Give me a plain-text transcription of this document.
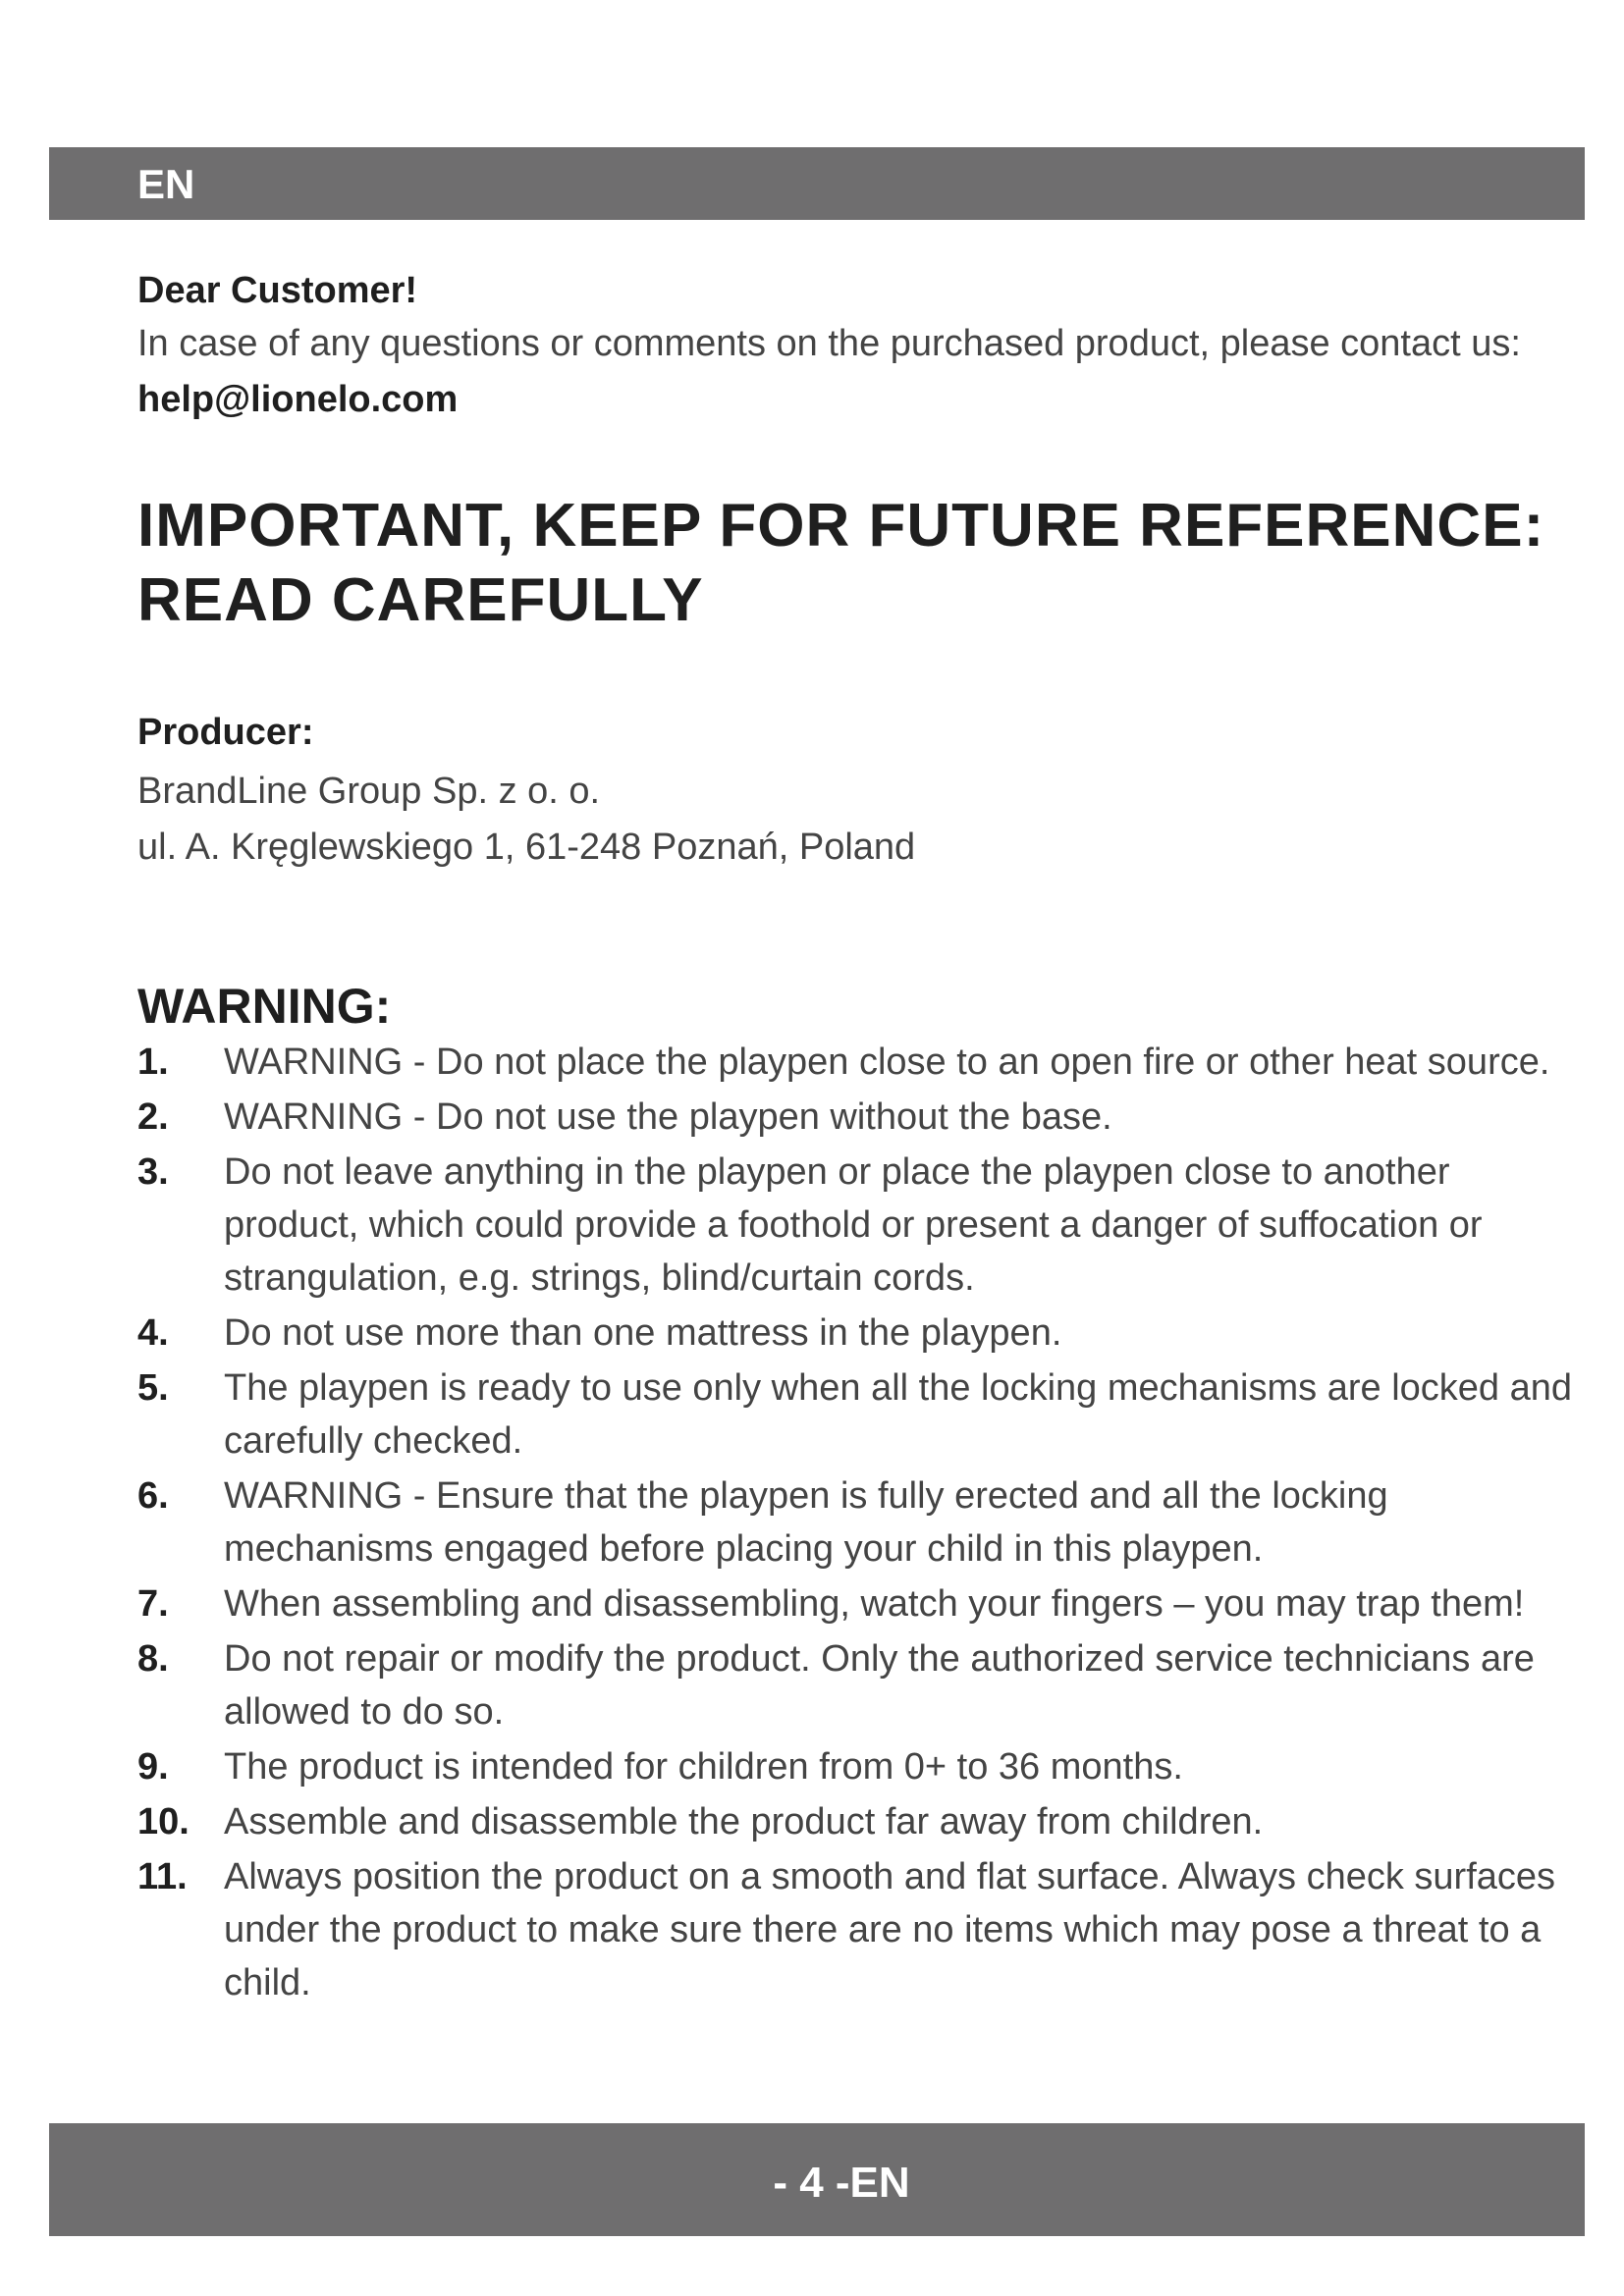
EN

Dear Customer!

In case of any questions or comments on the purchased product, please contact us: help@lionelo.com

IMPORTANT, KEEP FOR FUTURE REFERENCE: READ CAREFULLY
Producer:

BrandLine Group Sp. z o. o.

ul. A. Kręglewskiego 1, 61-248 Poznań, Poland

WARNING:
1. WARNING - Do not place the playpen close to an open fire or other heat source.
2. WARNING - Do not use the playpen without the base.
3. Do not leave anything in the playpen or place the playpen close to another product, which could provide a foothold or present a danger of suffocation or strangulation, e.g. strings, blind/curtain cords.
4. Do not use more than one mattress in the playpen.
5. The playpen is ready to use only when all the locking mechanisms are locked and carefully checked.
6. WARNING - Ensure that the playpen is fully erected and all the locking mechanisms engaged before placing your child in this playpen.
7. When assembling and disassembling, watch your fingers – you may trap them!
8. Do not repair or modify the product. Only the authorized service technicians are allowed to do so.
9. The product is intended for children from 0+ to 36 months.
10. Assemble and disassemble the product far away from children.
11. Always position the product on a smooth and flat surface. Always check surfaces under the product to make sure there are no items which may pose a threat to a child.
- 4 -EN
